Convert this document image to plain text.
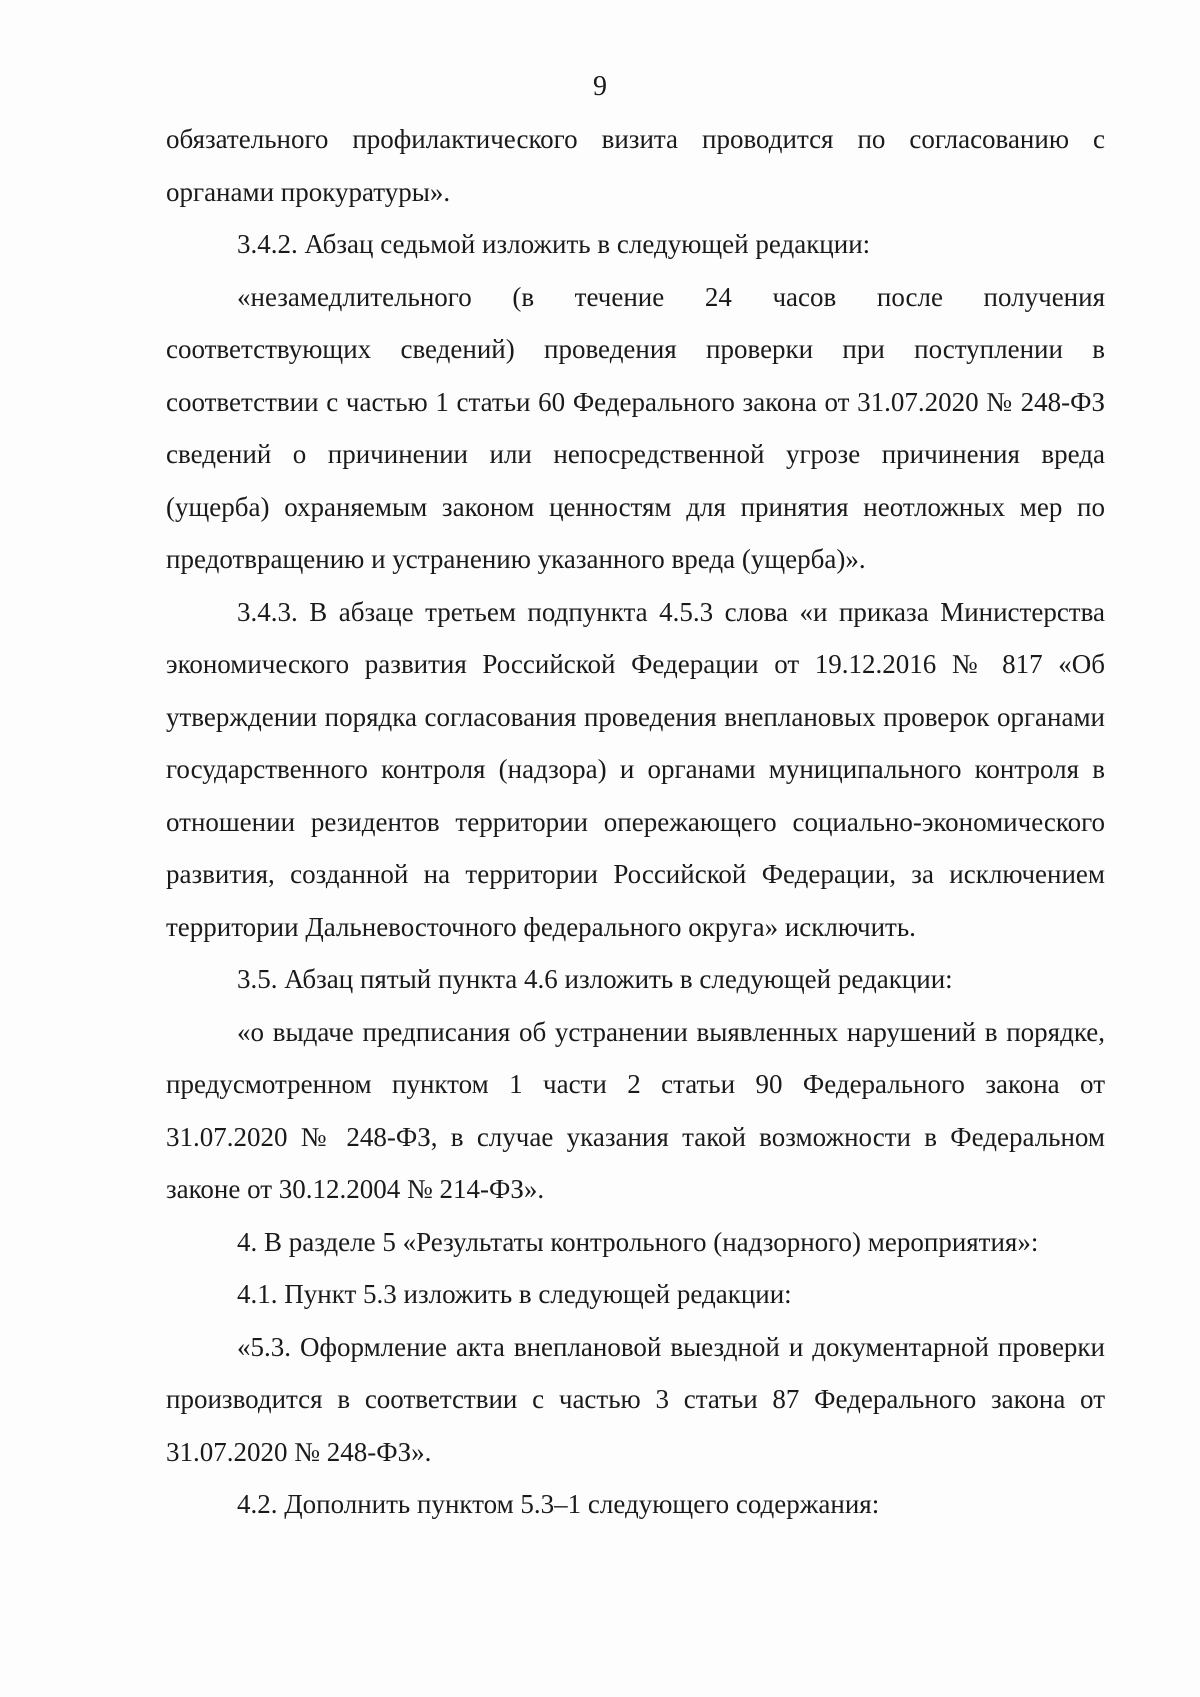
9

обязательного профилактического визита проводится по согласованию с органами прокуратуры».

3.4.2. Абзац седьмой изложить в следующей редакции:

«незамедлительного (в течение 24 часов после получения соответствующих сведений) проведения проверки при поступлении в соответствии с частью 1 статьи 60 Федерального закона от 31.07.2020 № 248-ФЗ сведений о причинении или непосредственной угрозе причинения вреда (ущерба) охраняемым законом ценностям для принятия неотложных мер по предотвращению и устранению указанного вреда (ущерба)».

3.4.3. В абзаце третьем подпункта 4.5.3 слова «и приказа Министерства экономического развития Российской Федерации от 19.12.2016 № 817 «Об утверждении порядка согласования проведения внеплановых проверок органами государственного контроля (надзора) и органами муниципального контроля в отношении резидентов территории опережающего социально-экономического развития, созданной на территории Российской Федерации, за исключением территории Дальневосточного федерального округа» исключить.

3.5. Абзац пятый пункта 4.6 изложить в следующей редакции:

«о выдаче предписания об устранении выявленных нарушений в порядке, предусмотренном пунктом 1 части 2 статьи 90 Федерального закона от 31.07.2020 № 248-ФЗ, в случае указания такой возможности в Федеральном законе от 30.12.2004 № 214-ФЗ».

4. В разделе 5 «Результаты контрольного (надзорного) мероприятия»:

4.1. Пункт 5.3 изложить в следующей редакции:

«5.3. Оформление акта внеплановой выездной и документарной проверки производится в соответствии с частью 3 статьи 87 Федерального закона от 31.07.2020 № 248-ФЗ».

4.2. Дополнить пунктом 5.3–1 следующего содержания:
